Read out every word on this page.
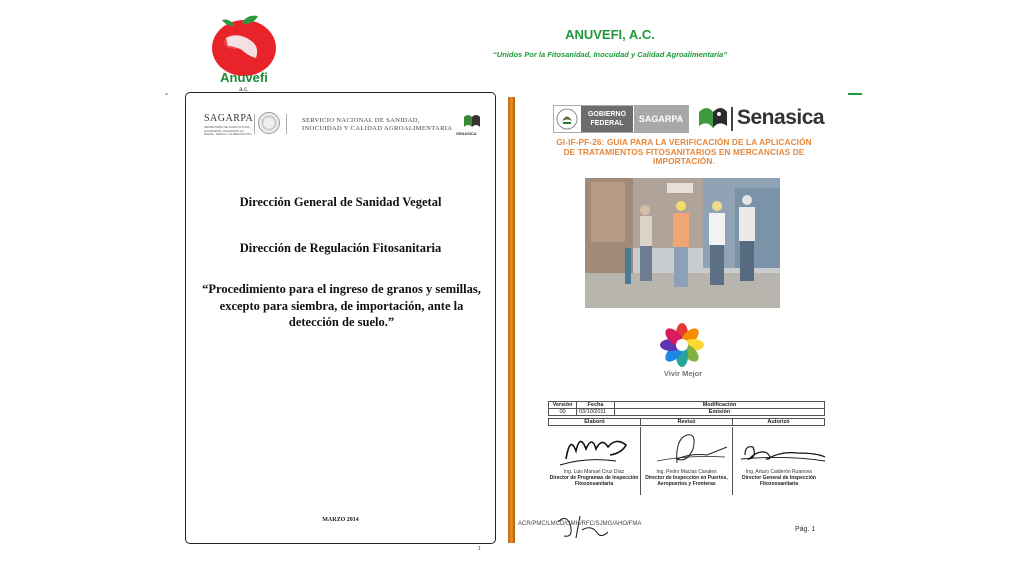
Anuvefi
a.c.
ANUVEFI, A.C.
“Unidos Por la Fitosanidad, Inocuidad y Calidad Agroalimentaria”
SAGARPA
SECRETARÍA DE AGRICULTURA, GANADERÍA, DESARROLLO RURAL, PESCA Y ALIMENTACIÓN
SERVICIO NACIONAL DE SANIDAD,
INOCUIDAD Y CALIDAD AGROALIMENTARIA
SENASICA
Dirección General de Sanidad Vegetal
Dirección de Regulación Fitosanitaria
“Procedimiento para el ingreso de granos y semillas, excepto para siembra, de importación, ante la detección de suelo.”
MARZO 2014
1
GOBIERNO
FEDERAL	SAGARPA	Senasica
GI-IF-PF-26: GUIA PARA LA VERIFICACIÓN DE LA APLICACIÓN DE TRATAMIENTOS FITOSANITARIOS EN MERCANCIAS DE IMPORTACIÓN.
Vivir Mejor
Versión	Fecha	Modificación
00	03/10/2011	Emisión
Elaboró	Revisó	Autorizó
Ing. Luis Manuel Cruz Díaz
Director de Programas de Inspección Fitozoosanitaria
Ing. Pedro Macías Canales
Director de Inspección en Puertos, Aeropuertos y Fronteras
Ing. Arturo Calderón Ruanova
Director General de Inspección Fitozoosanitaria
ACR/PMC/LMCD/GMH/RFC/SJMG/AHO/FMA
Pág. 1
